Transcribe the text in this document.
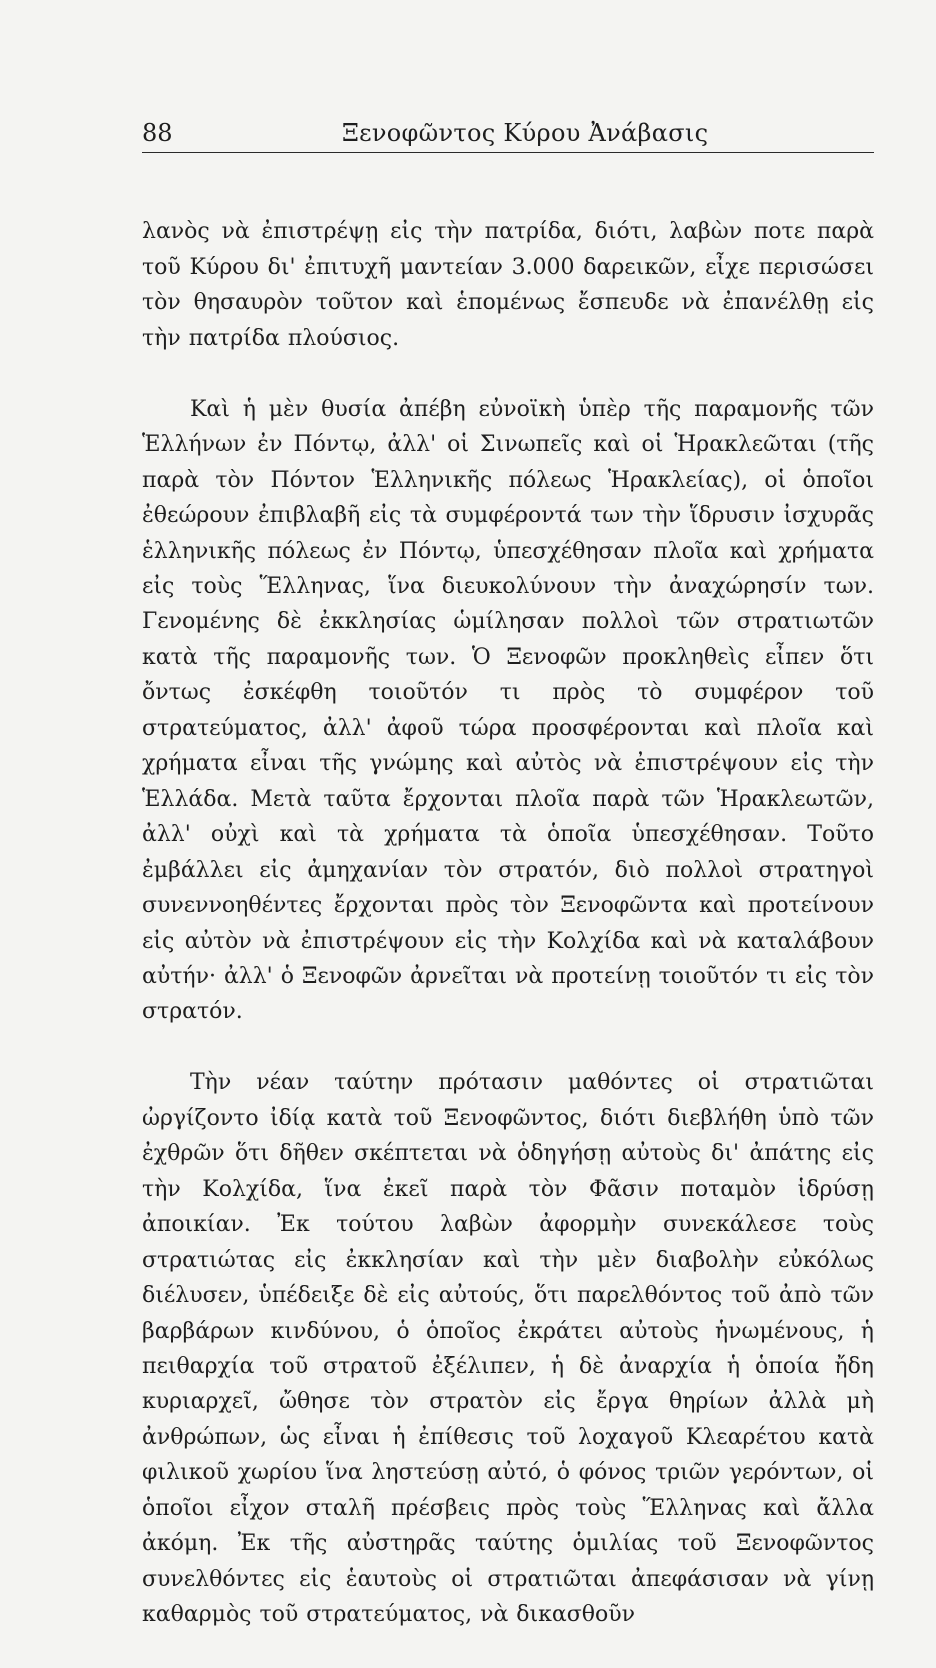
88	Ξενοφῶντος Κύρου Ἀνάβασις

λανὸς νὰ ἐπιστρέψῃ εἰς τὴν πατρίδα, διότι, λαβὼν ποτε παρὰ τοῦ Κύρου δι' ἐπιτυχῆ μαντείαν 3.000 δαρεικῶν, εἶχε περισώσει τὸν θησαυρὸν τοῦτον καὶ ἑπομένως ἔσπευδε νὰ ἐπανέλθῃ εἰς τὴν πατρίδα πλούσιος.

Καὶ ἡ μὲν θυσία ἀπέβη εὐνοϊκὴ ὑπὲρ τῆς παραμονῆς τῶν Ἑλλήνων ἐν Πόντῳ, ἀλλ' οἱ Σινωπεῖς καὶ οἱ Ἡρακλεῶται (τῆς παρὰ τὸν Πόντον Ἑλληνικῆς πόλεως Ἡρακλείας), οἱ ὁποῖοι ἐθεώρουν ἐπιβλαβῆ εἰς τὰ συμφέροντά των τὴν ἵδρυσιν ἰσχυρᾶς ἑλληνικῆς πόλεως ἐν Πόντῳ, ὑπεσχέθησαν πλοῖα καὶ χρήματα εἰς τοὺς Ἕλληνας, ἵνα διευκολύνουν τὴν ἀναχώρησίν των. Γενομένης δὲ ἐκκλησίας ὡμίλησαν πολλοὶ τῶν στρατιωτῶν κατὰ τῆς παραμονῆς των. Ὁ Ξενοφῶν προκληθεὶς εἶπεν ὅτι ὄντως ἐσκέφθη τοιοῦτόν τι πρὸς τὸ συμφέρον τοῦ στρατεύματος, ἀλλ' ἀφοῦ τώρα προσφέρονται καὶ πλοῖα καὶ χρήματα εἶναι τῆς γνώμης καὶ αὐτὸς νὰ ἐπιστρέψουν εἰς τὴν Ἑλλάδα. Μετὰ ταῦτα ἔρχονται πλοῖα παρὰ τῶν Ἡρακλεωτῶν, ἀλλ' οὐχὶ καὶ τὰ χρήματα τὰ ὁποῖα ὑπεσχέθησαν. Τοῦτο ἐμβάλλει εἰς ἀμηχανίαν τὸν στρατόν, διὸ πολλοὶ στρατηγοὶ συνεννοηθέντες ἔρχονται πρὸς τὸν Ξενοφῶντα καὶ προτείνουν εἰς αὐτὸν νὰ ἐπιστρέψουν εἰς τὴν Κολχίδα καὶ νὰ καταλάβουν αὐτήν· ἀλλ' ὁ Ξενοφῶν ἀρνεῖται νὰ προτείνῃ τοιοῦτόν τι εἰς τὸν στρατόν.

Τὴν νέαν ταύτην πρότασιν μαθόντες οἱ στρατιῶται ὠργίζοντο ἰδίᾳ κατὰ τοῦ Ξενοφῶντος, διότι διεβλήθη ὑπὸ τῶν ἐχθρῶν ὅτι δῆθεν σκέπτεται νὰ ὁδηγήσῃ αὐτοὺς δι' ἀπάτης εἰς τὴν Κολχίδα, ἵνα ἐκεῖ παρὰ τὸν Φᾶσιν ποταμὸν ἱδρύσῃ ἀποικίαν. Ἐκ τούτου λαβὼν ἀφορμὴν συνεκάλεσε τοὺς στρατιώτας εἰς ἐκκλησίαν καὶ τὴν μὲν διαβολὴν εὐκόλως διέλυσεν, ὑπέδειξε δὲ εἰς αὐτούς, ὅτι παρελθόντος τοῦ ἀπὸ τῶν βαρβάρων κινδύνου, ὁ ὁποῖος ἐκράτει αὐτοὺς ἡνωμένους, ἡ πειθαρχία τοῦ στρατοῦ ἐξέλιπεν, ἡ δὲ ἀναρχία ἡ ὁποία ἤδη κυριαρχεῖ, ὤθησε τὸν στρατὸν εἰς ἔργα θηρίων ἀλλὰ μὴ ἀνθρώπων, ὡς εἶναι ἡ ἐπίθεσις τοῦ λοχαγοῦ Κλεαρέτου κατὰ φιλικοῦ χωρίου ἵνα ληστεύσῃ αὐτό, ὁ φόνος τριῶν γερόντων, οἱ ὁποῖοι εἶχον σταλῆ πρέσβεις πρὸς τοὺς Ἕλληνας καὶ ἄλλα ἀκόμη. Ἐκ τῆς αὐστηρᾶς ταύτης ὁμιλίας τοῦ Ξενοφῶντος συνελθόντες εἰς ἑαυτοὺς οἱ στρατιῶται ἀπεφάσισαν νὰ γίνῃ καθαρμὸς τοῦ στρατεύματος, νὰ δικασθοῦν
